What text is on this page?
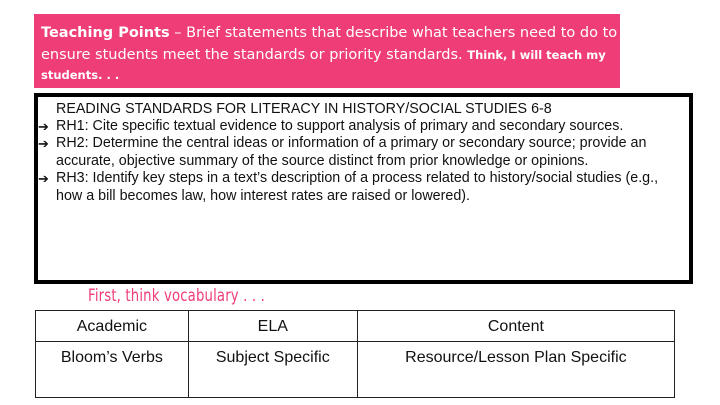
Teaching Points – Brief statements that describe what teachers need to do to
ensure students meet the standards or priority standards. Think, I will teach my
students. . .
READING STANDARDS FOR LITERACY IN HISTORY/SOCIAL STUDIES 6-8
➔ RH1: Cite specific textual evidence to support analysis of primary and secondary sources.
➔ RH2: Determine the central ideas or information of a primary or secondary source; provide an accurate, objective summary of the source distinct from prior knowledge or opinions.
➔ RH3: Identify key steps in a text’s description of a process related to history/social studies (e.g., how a bill becomes law, how interest rates are raised or lowered).
First, think vocabulary . . .
Academic	ELA	Content
Bloom’s Verbs	Subject Specific	Resource/Lesson Plan Specific
